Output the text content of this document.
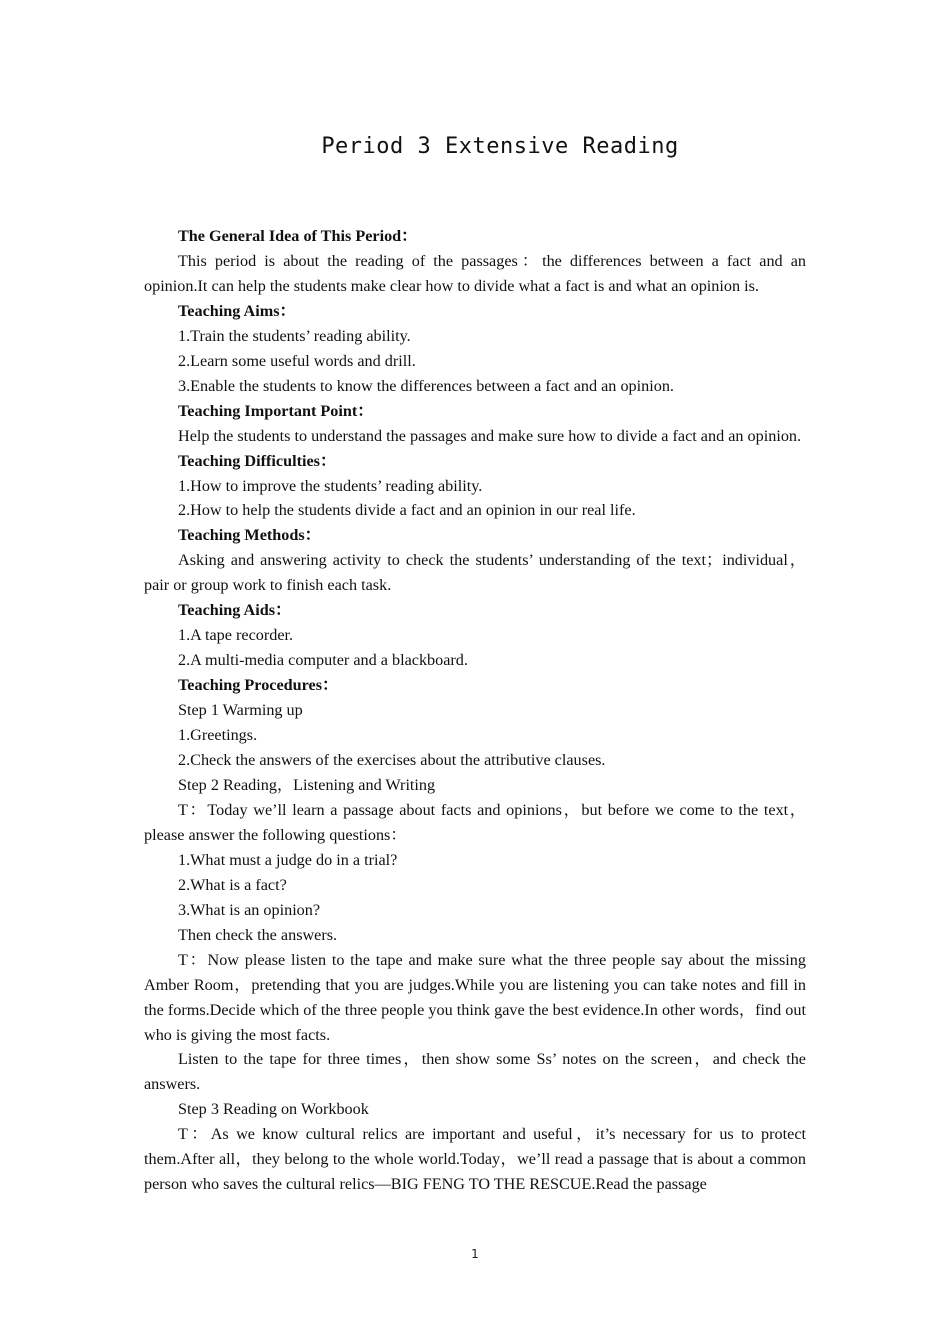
Period 3 Extensive Reading

The General Idea of This Period：

This period is about the reading of the passages：the differences between a fact and an opinion.It can help the students make clear how to divide what a fact is and what an opinion is.

Teaching Aims：

1.Train the students’ reading ability.

2.Learn some useful words and drill.

3.Enable the students to know the differences between a fact and an opinion.

Teaching Important Point：

Help the students to understand the passages and make sure how to divide a fact and an opinion.

Teaching Difficulties：

1.How to improve the students’ reading ability.

2.How to help the students divide a fact and an opinion in our real life.

Teaching Methods：

Asking and answering activity to check the students’ understanding of the text；individual，pair or group work to finish each task.

Teaching Aids：

1.A tape recorder.

2.A multi-media computer and a blackboard.

Teaching Procedures：

Step 1 Warming up

1.Greetings.

2.Check the answers of the exercises about the attributive clauses.

Step 2 Reading，Listening and Writing

T：Today we’ll learn a passage about facts and opinions，but before we come to the text，please answer the following questions：

1.What must a judge do in a trial?

2.What is a fact?

3.What is an opinion?

Then check the answers.

T：Now please listen to the tape and make sure what the three people say about the missing Amber Room，pretending that you are judges.While you are listening you can take notes and fill in the forms.Decide which of the three people you think gave the best evidence.In other words，find out who is giving the most facts.

Listen to the tape for three times，then show some Ss’ notes on the screen，and check the answers.

Step 3 Reading on Workbook

T：As we know cultural relics are important and useful，it’s necessary for us to protect them.After all，they belong to the whole world.Today，we’ll read a passage that is about a common person who saves the cultural relics—BIG FENG TO THE RESCUE.Read the passage

1
